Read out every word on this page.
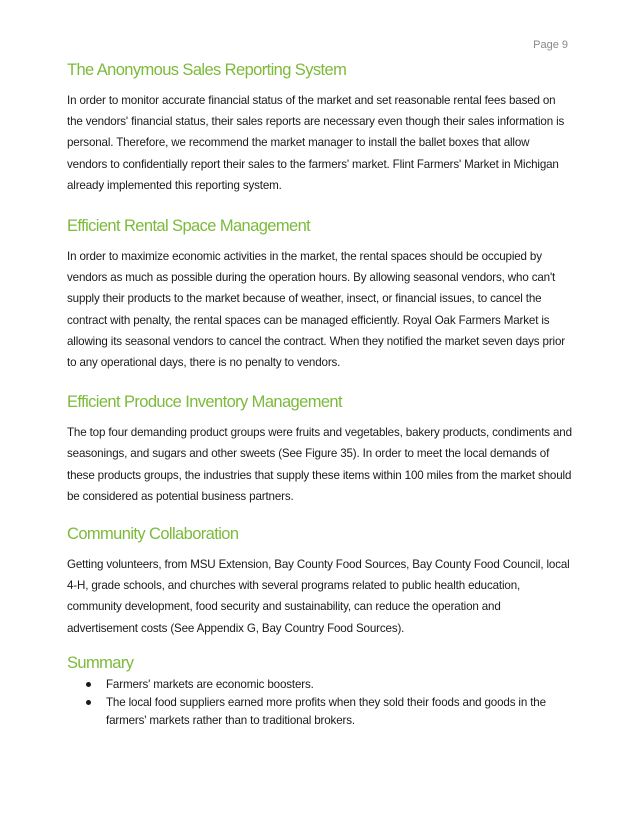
Page 9
The Anonymous Sales Reporting System

In order to monitor accurate financial status of the market and set reasonable rental fees based on the vendors' financial status, their sales reports are necessary even though their sales information is personal. Therefore, we recommend the market manager to install the ballet boxes that allow vendors to confidentially report their sales to the farmers' market. Flint Farmers' Market in Michigan already implemented this reporting system.

Efficient Rental Space Management

In order to maximize economic activities in the market, the rental spaces should be occupied by vendors as much as possible during the operation hours. By allowing seasonal vendors, who can't supply their products to the market because of weather, insect, or financial issues, to cancel the contract with penalty, the rental spaces can be managed efficiently. Royal Oak Farmers Market is allowing its seasonal vendors to cancel the contract. When they notified the market seven days prior to any operational days, there is no penalty to vendors.

Efficient Produce Inventory Management

The top four demanding product groups were fruits and vegetables, bakery products, condiments and seasonings, and sugars and other sweets (See Figure 35). In order to meet the local demands of these products groups, the industries that supply these items within 100 miles from the market should be considered as potential business partners.

Community Collaboration

Getting volunteers, from MSU Extension, Bay County Food Sources, Bay County Food Council, local 4-H, grade schools, and churches with several programs related to public health education, community development, food security and sustainability, can reduce the operation and advertisement costs (See Appendix G, Bay Country Food Sources).

Summary
Farmers' markets are economic boosters.
The local food suppliers earned more profits when they sold their foods and goods in the farmers' markets rather than to traditional brokers.
